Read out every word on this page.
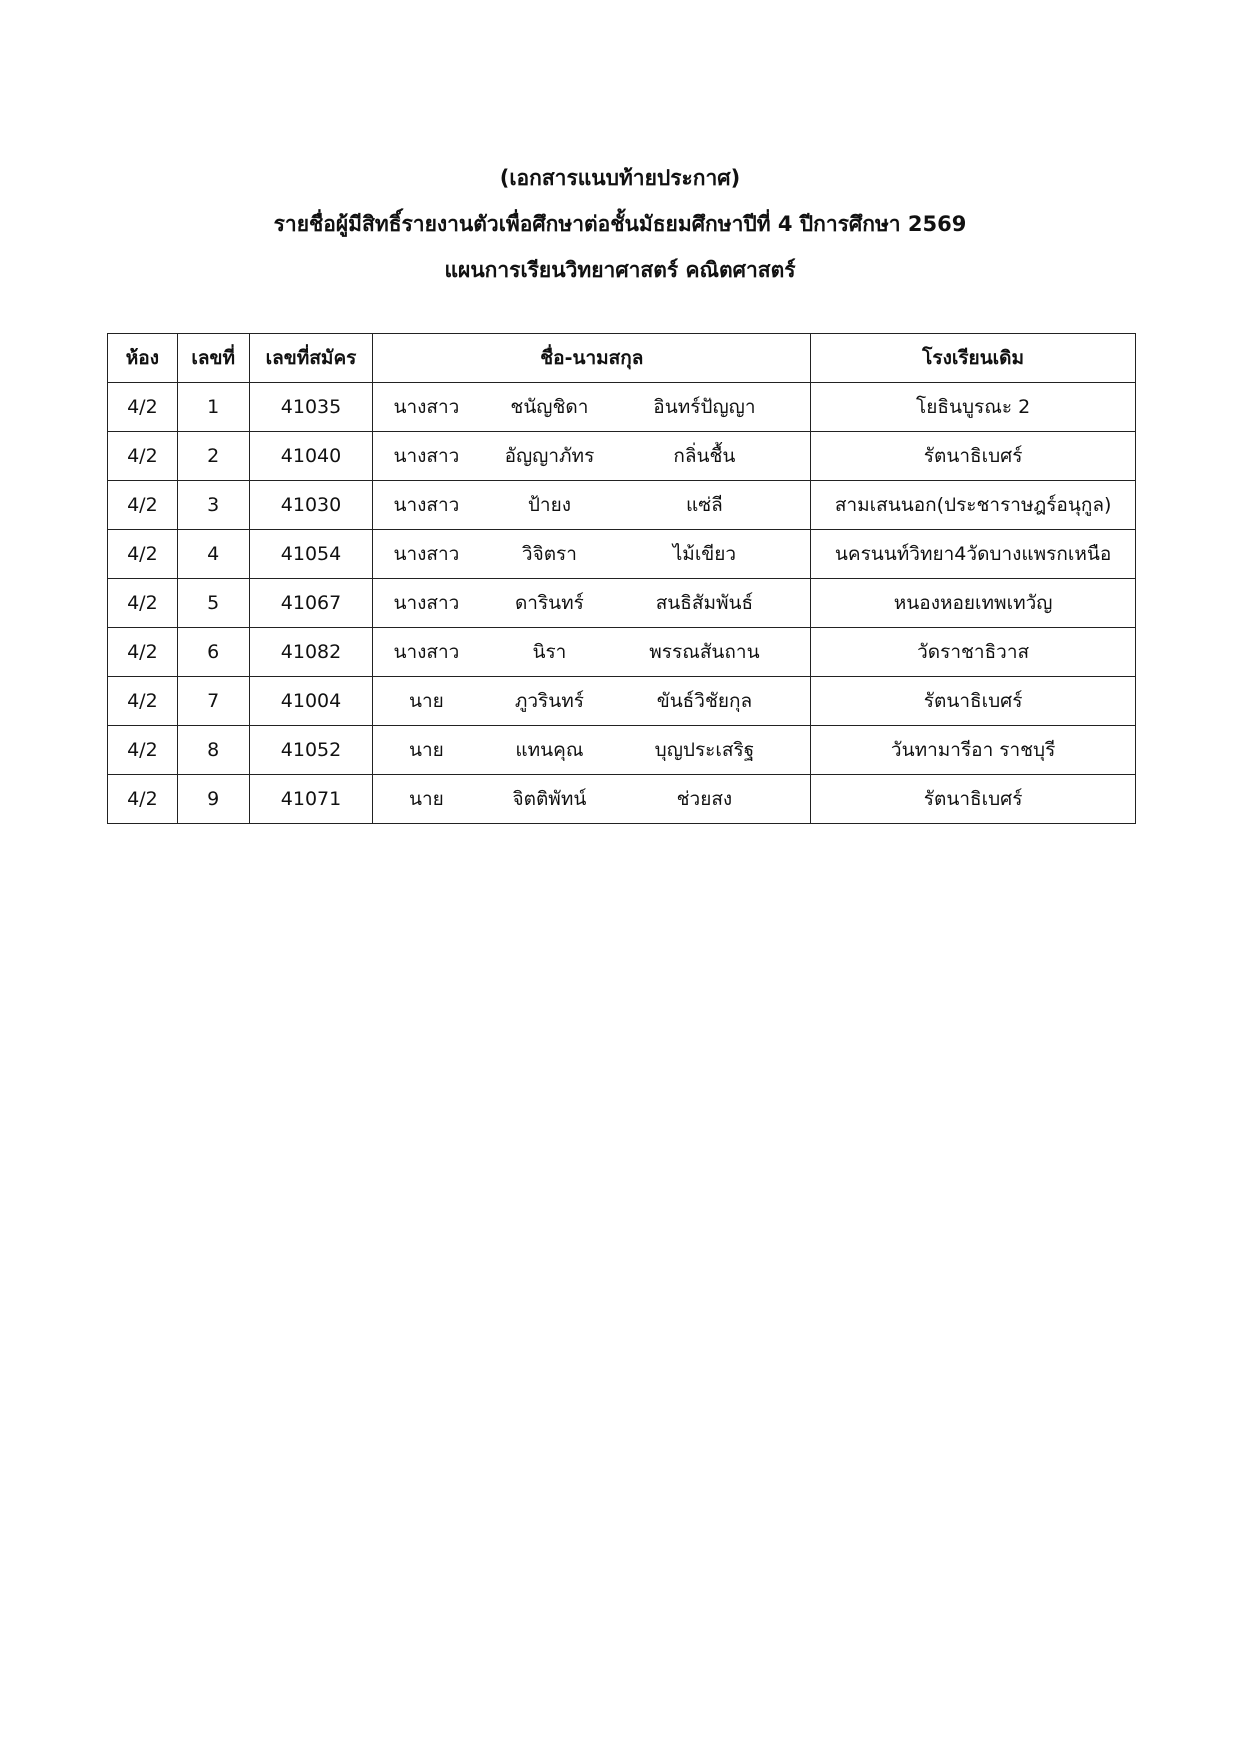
(เอกสารแนบท้ายประกาศ)
รายชื่อผู้มีสิทธิ์รายงานตัวเพื่อศึกษาต่อชั้นมัธยมศึกษาปีที่ 4 ปีการศึกษา 2569
แผนการเรียนวิทยาศาสตร์ คณิตศาสตร์
ห้อง	เลขที่	เลขที่สมัคร	ชื่อ-นามสกุล	โรงเรียนเดิม
4/2	1	41035	นางสาว ชนัญชิดา อินทร์ปัญญา	โยธินบูรณะ 2
4/2	2	41040	นางสาว อัญญาภัทร กลิ่นชื้น	รัตนาธิเบศร์
4/2	3	41030	นางสาว ป้ายง แซ่ลี	สามเสนนอก(ประชาราษฎร์อนุกูล)
4/2	4	41054	นางสาว วิจิตรา ไม้เขียว	นครนนท์วิทยา4วัดบางแพรกเหนือ
4/2	5	41067	นางสาว ดารินทร์ สนธิสัมพันธ์	หนองหอยเทพเทวัญ
4/2	6	41082	นางสาว นิรา พรรณสันถาน	วัดราชาธิวาส
4/2	7	41004	นาย ภูวรินทร์ ขันธ์วิชัยกุล	รัตนาธิเบศร์
4/2	8	41052	นาย แทนคุณ บุญประเสริฐ	วันทามารีอา ราชบุรี
4/2	9	41071	นาย จิตติพัทน์ ช่วยสง	รัตนาธิเบศร์
